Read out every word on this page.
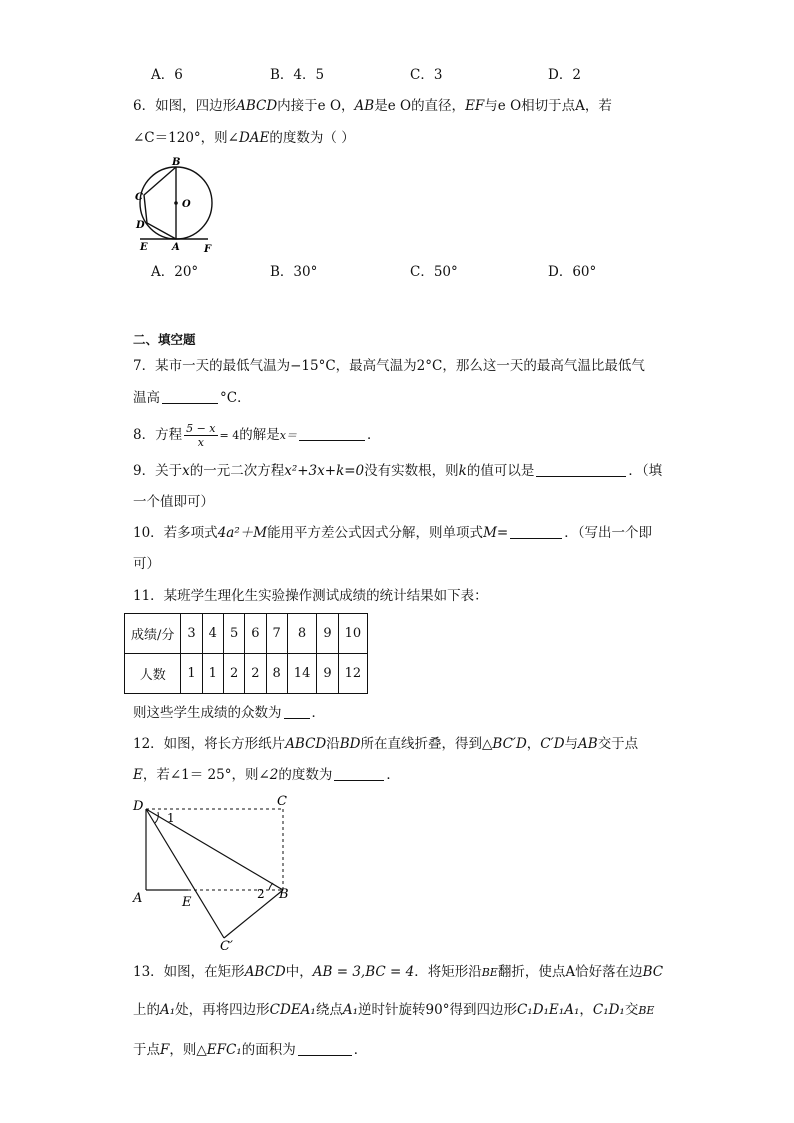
A．6	B．4．5	C．3	D．2
6．如图，四边形ABCD内接于e O，AB是e O的直径，EF与e O相切于点A，若
∠C＝120°，则∠DAE的度数为（ ）
B
C
O
D
E A F
A．20°	B．30°	C．50°	D．60°
二、填空题
7．某市一天的最低气温为−15°C，最高气温为2°C，那么这一天的最高气温比最低气
温高	°C．
8．方程 $\frac{5 - x}{x} = 4$的解是x＝	．
9．关于x的一元二次方程x²+3x+k=0没有实数根，则k的值可以是	．（填
一个值即可）
10．若多项式4a²＋M能用平方差公式因式分解，则单项式M=	．（写出一个即
可）
11．某班学生理化生实验操作测试成绩的统计结果如下表：
成绩/分	3	4	5	6	7	8	9	10
人数	1	1	2	2	8	14	9	12
则这些学生成绩的众数为 ．
12．如图，将长方形纸片ABCD沿BD所在直线折叠，得到△BC′D，C′D与AB交于点
E，若∠1＝ 25°，则∠2的度数为	．
D	C
1
A	E
2 B
C′
13．如图，在矩形ABCD中，AB = 3,BC = 4．将矩形沿BE翻折，使点A恰好落在边BC
上的A₁处，再将四边形CDEA₁绕点A₁逆时针旋转90°得到四边形C₁D₁E₁A₁，C₁D₁交BE
于点F，则△EFC₁的面积为	．
